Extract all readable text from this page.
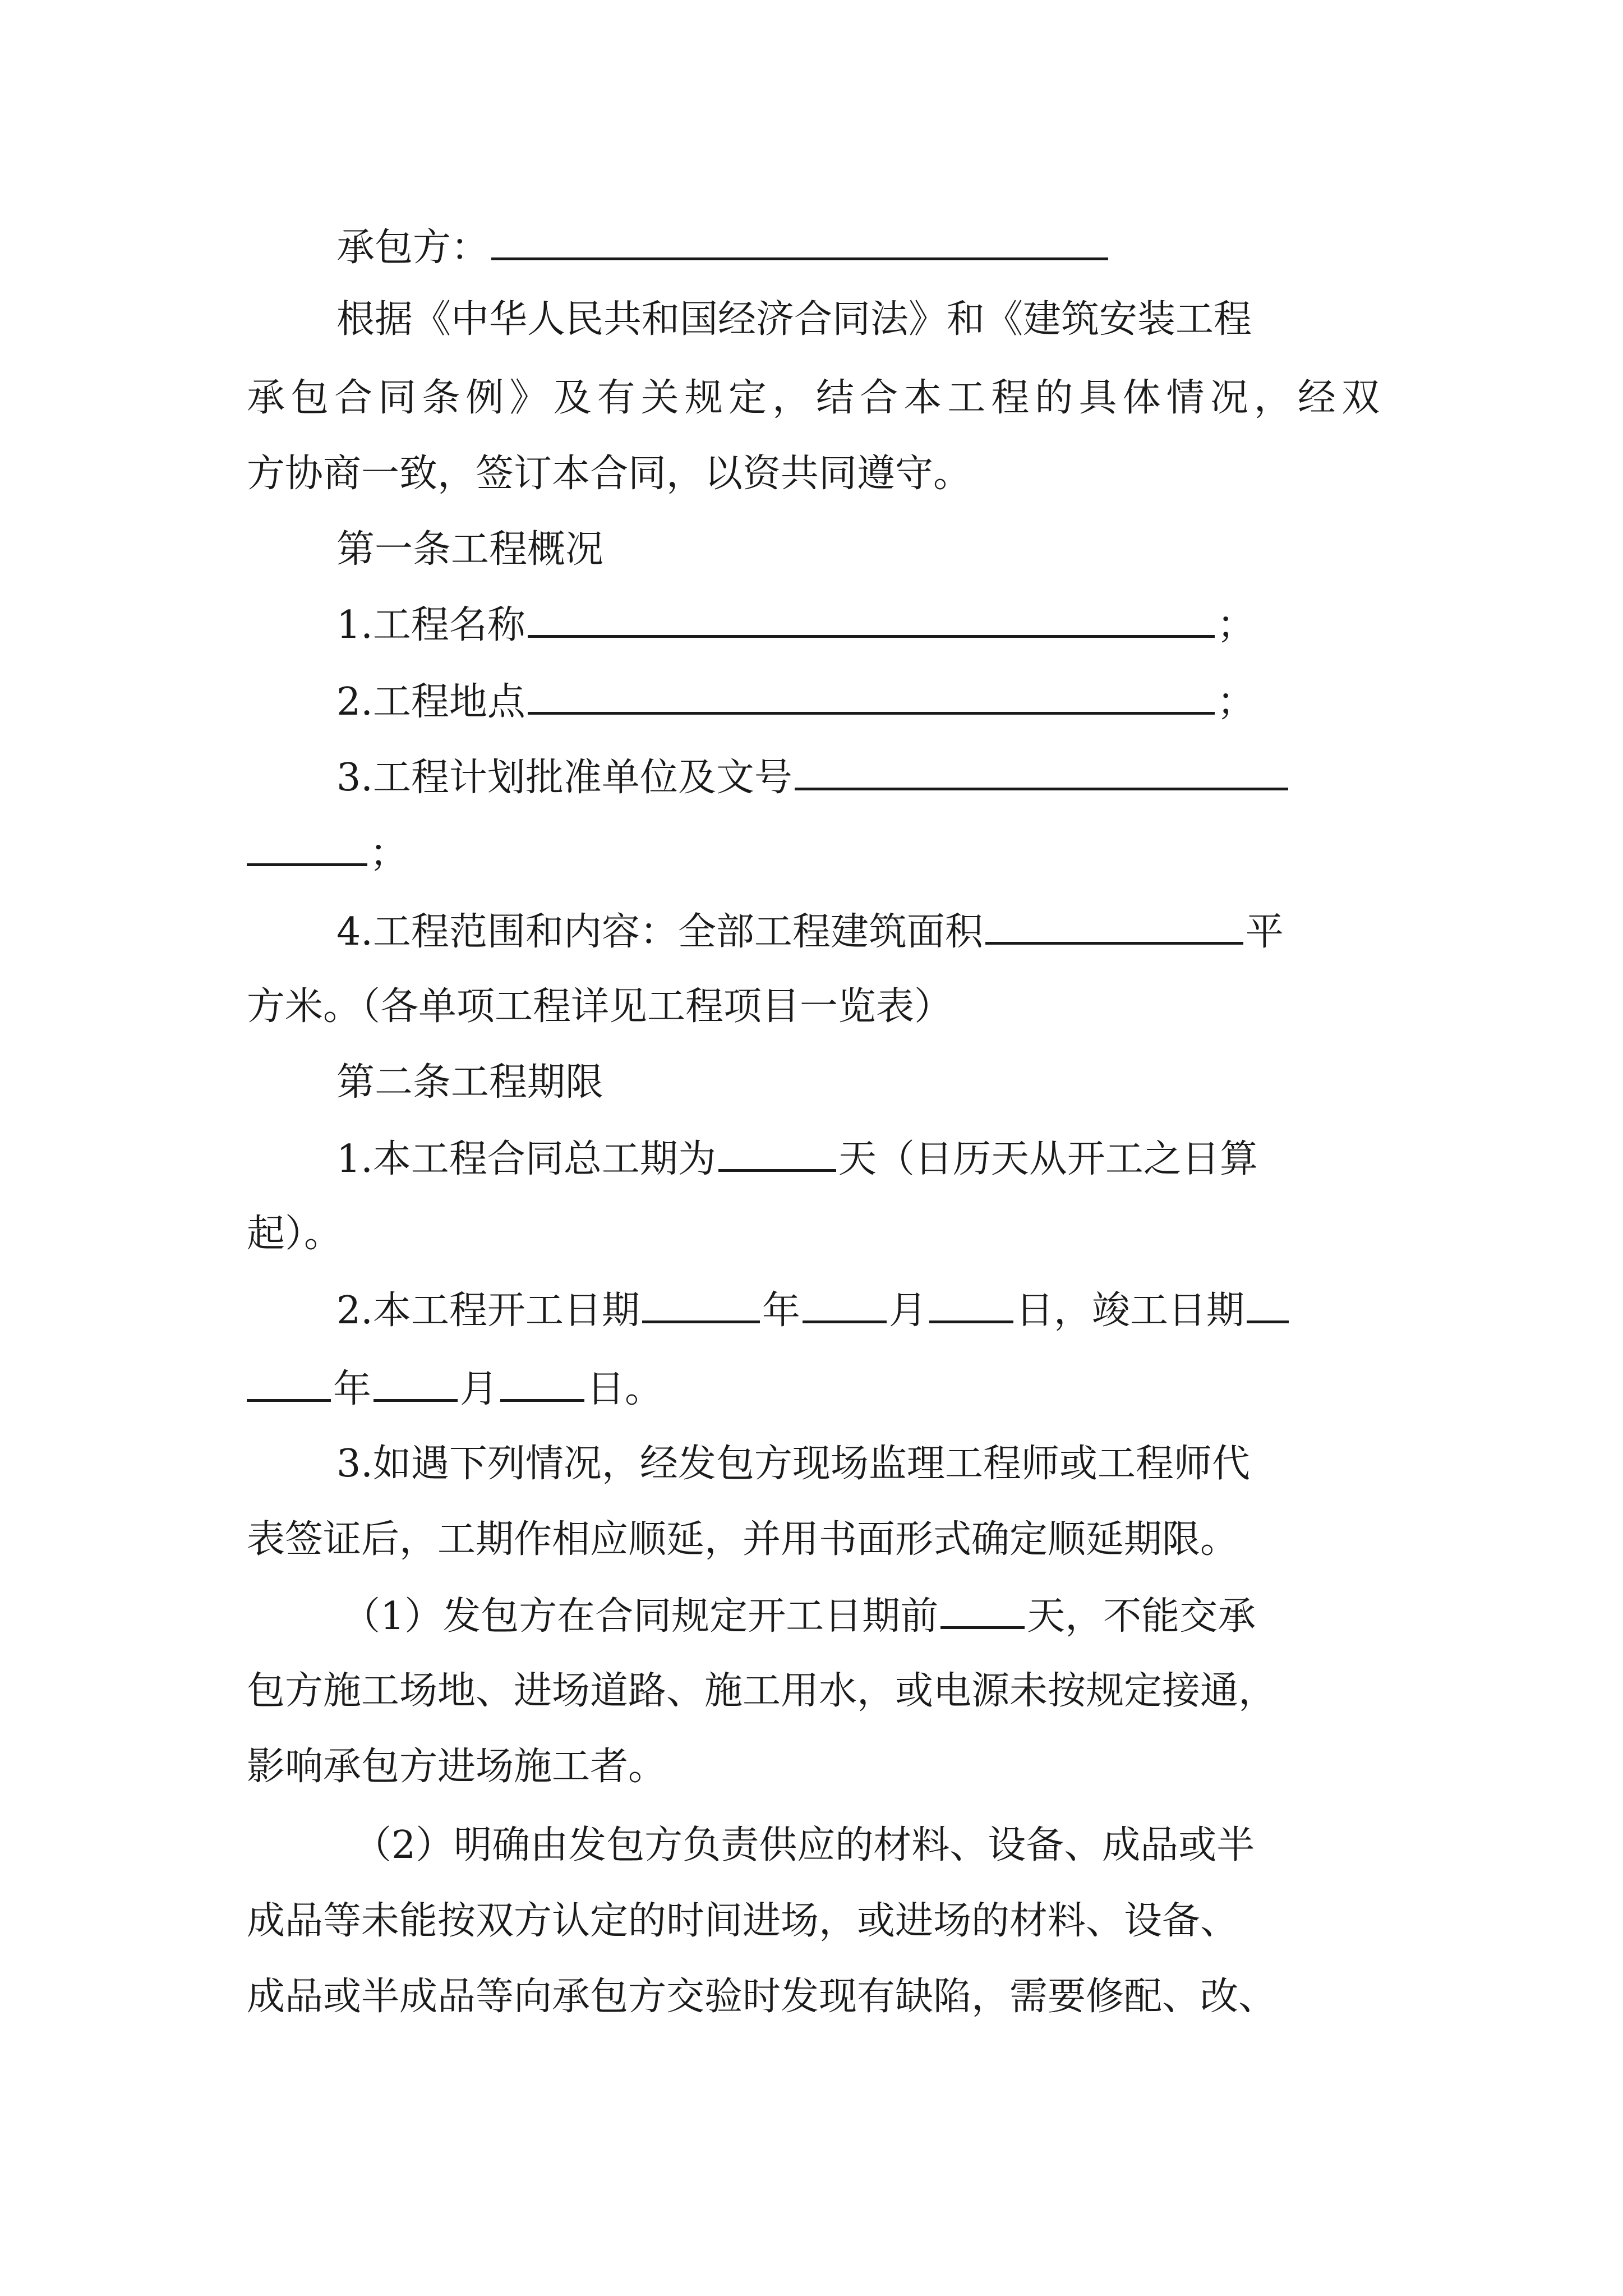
承包方：
根据《中华人民共和国经济合同法》和《建筑安装工程
承包合同条例》及有关规定，结合本工程的具体情况，经双
方协商一致，签订本合同，以资共同遵守。
第一条工程概况
1.工程名称	；
2.工程地点	；
3.工程计划批准单位及文号
；
4.工程范围和内容：全部工程建筑面积	平
方米。（各单项工程详见工程项目一览表）
第二条工程期限
1.本工程合同总工期为	天（日历天从开工之日算
起）。
2.本工程开工日期	年 月 日，竣工日期
年 月 日。
3.如遇下列情况，经发包方现场监理工程师或工程师代
表签证后，工期作相应顺延，并用书面形式确定顺延期限。
（1）发包方在合同规定开工日期前 天，不能交承
包方施工场地、进场道路、施工用水，或电源未按规定接通，
影响承包方进场施工者。
（2）明确由发包方负责供应的材料、设备、成品或半
成品等未能按双方认定的时间进场，或进场的材料、设备、
成品或半成品等向承包方交验时发现有缺陷，需要修配、改、
